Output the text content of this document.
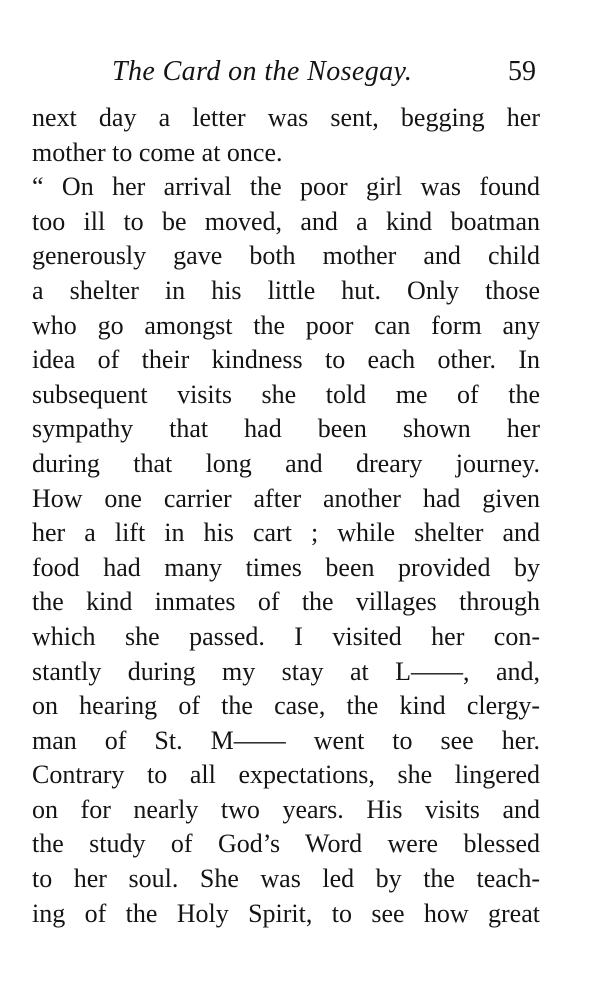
The Card on the Nosegay.	59
next day a letter was sent, begging her
mother to come at once.
“ On her arrival the poor girl was found
too ill to be moved, and a kind boatman
generously gave both mother and child
a shelter in his little hut. Only those
who go amongst the poor can form any
idea of their kindness to each other. In
subsequent visits she told me of the
sympathy that had been shown her
during that long and dreary journey.
How one carrier after another had given
her a lift in his cart ; while shelter and
food had many times been provided by
the kind inmates of the villages through
which she passed. I visited her con-
stantly during my stay at L——, and,
on hearing of the case, the kind clergy-
man of St. M—— went to see her.
Contrary to all expectations, she lingered
on for nearly two years. His visits and
the study of God’s Word were blessed
to her soul. She was led by the teach-
ing of the Holy Spirit, to see how great
